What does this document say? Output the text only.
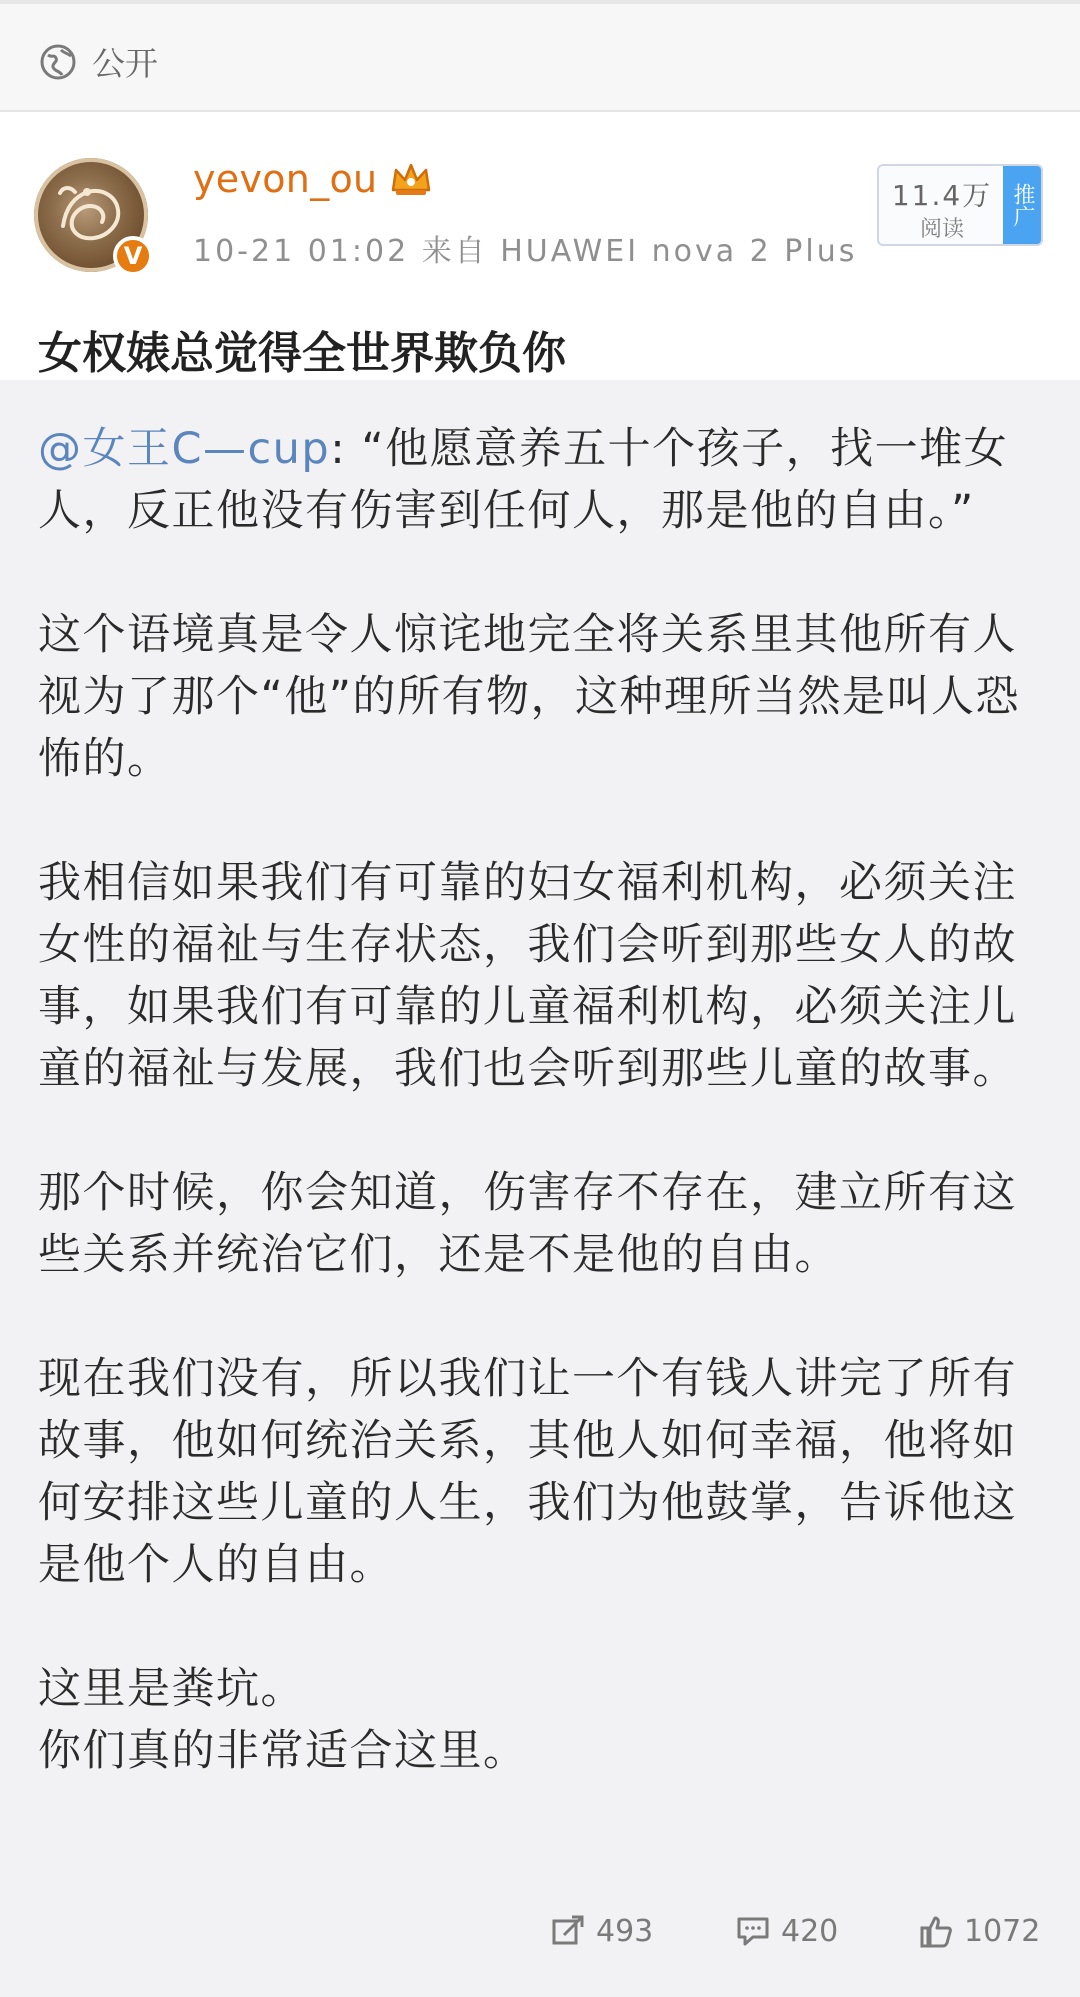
公开
V
yevon_ou
10-21 01:02 来自 HUAWEI nova 2 Plus
11.4万
阅读
推广
女权婊总觉得全世界欺负你

@女王C—cup: “他愿意养五十个孩子，找一堆女人，反正他没有伤害到任何人，那是他的自由。”

这个语境真是令人惊诧地完全将关系里其他所有人视为了那个“他”的所有物，这种理所当然是叫人恐怖的。

我相信如果我们有可靠的妇女福利机构，必须关注女性的福祉与生存状态，我们会听到那些女人的故事，如果我们有可靠的儿童福利机构，必须关注儿童的福祉与发展，我们也会听到那些儿童的故事。

那个时候，你会知道，伤害存不存在，建立所有这些关系并统治它们，还是不是他的自由。

现在我们没有，所以我们让一个有钱人讲完了所有故事，他如何统治关系，其他人如何幸福，他将如何安排这些儿童的人生，我们为他鼓掌，告诉他这是他个人的自由。

这里是粪坑。
你们真的非常适合这里。

493	420	1072
